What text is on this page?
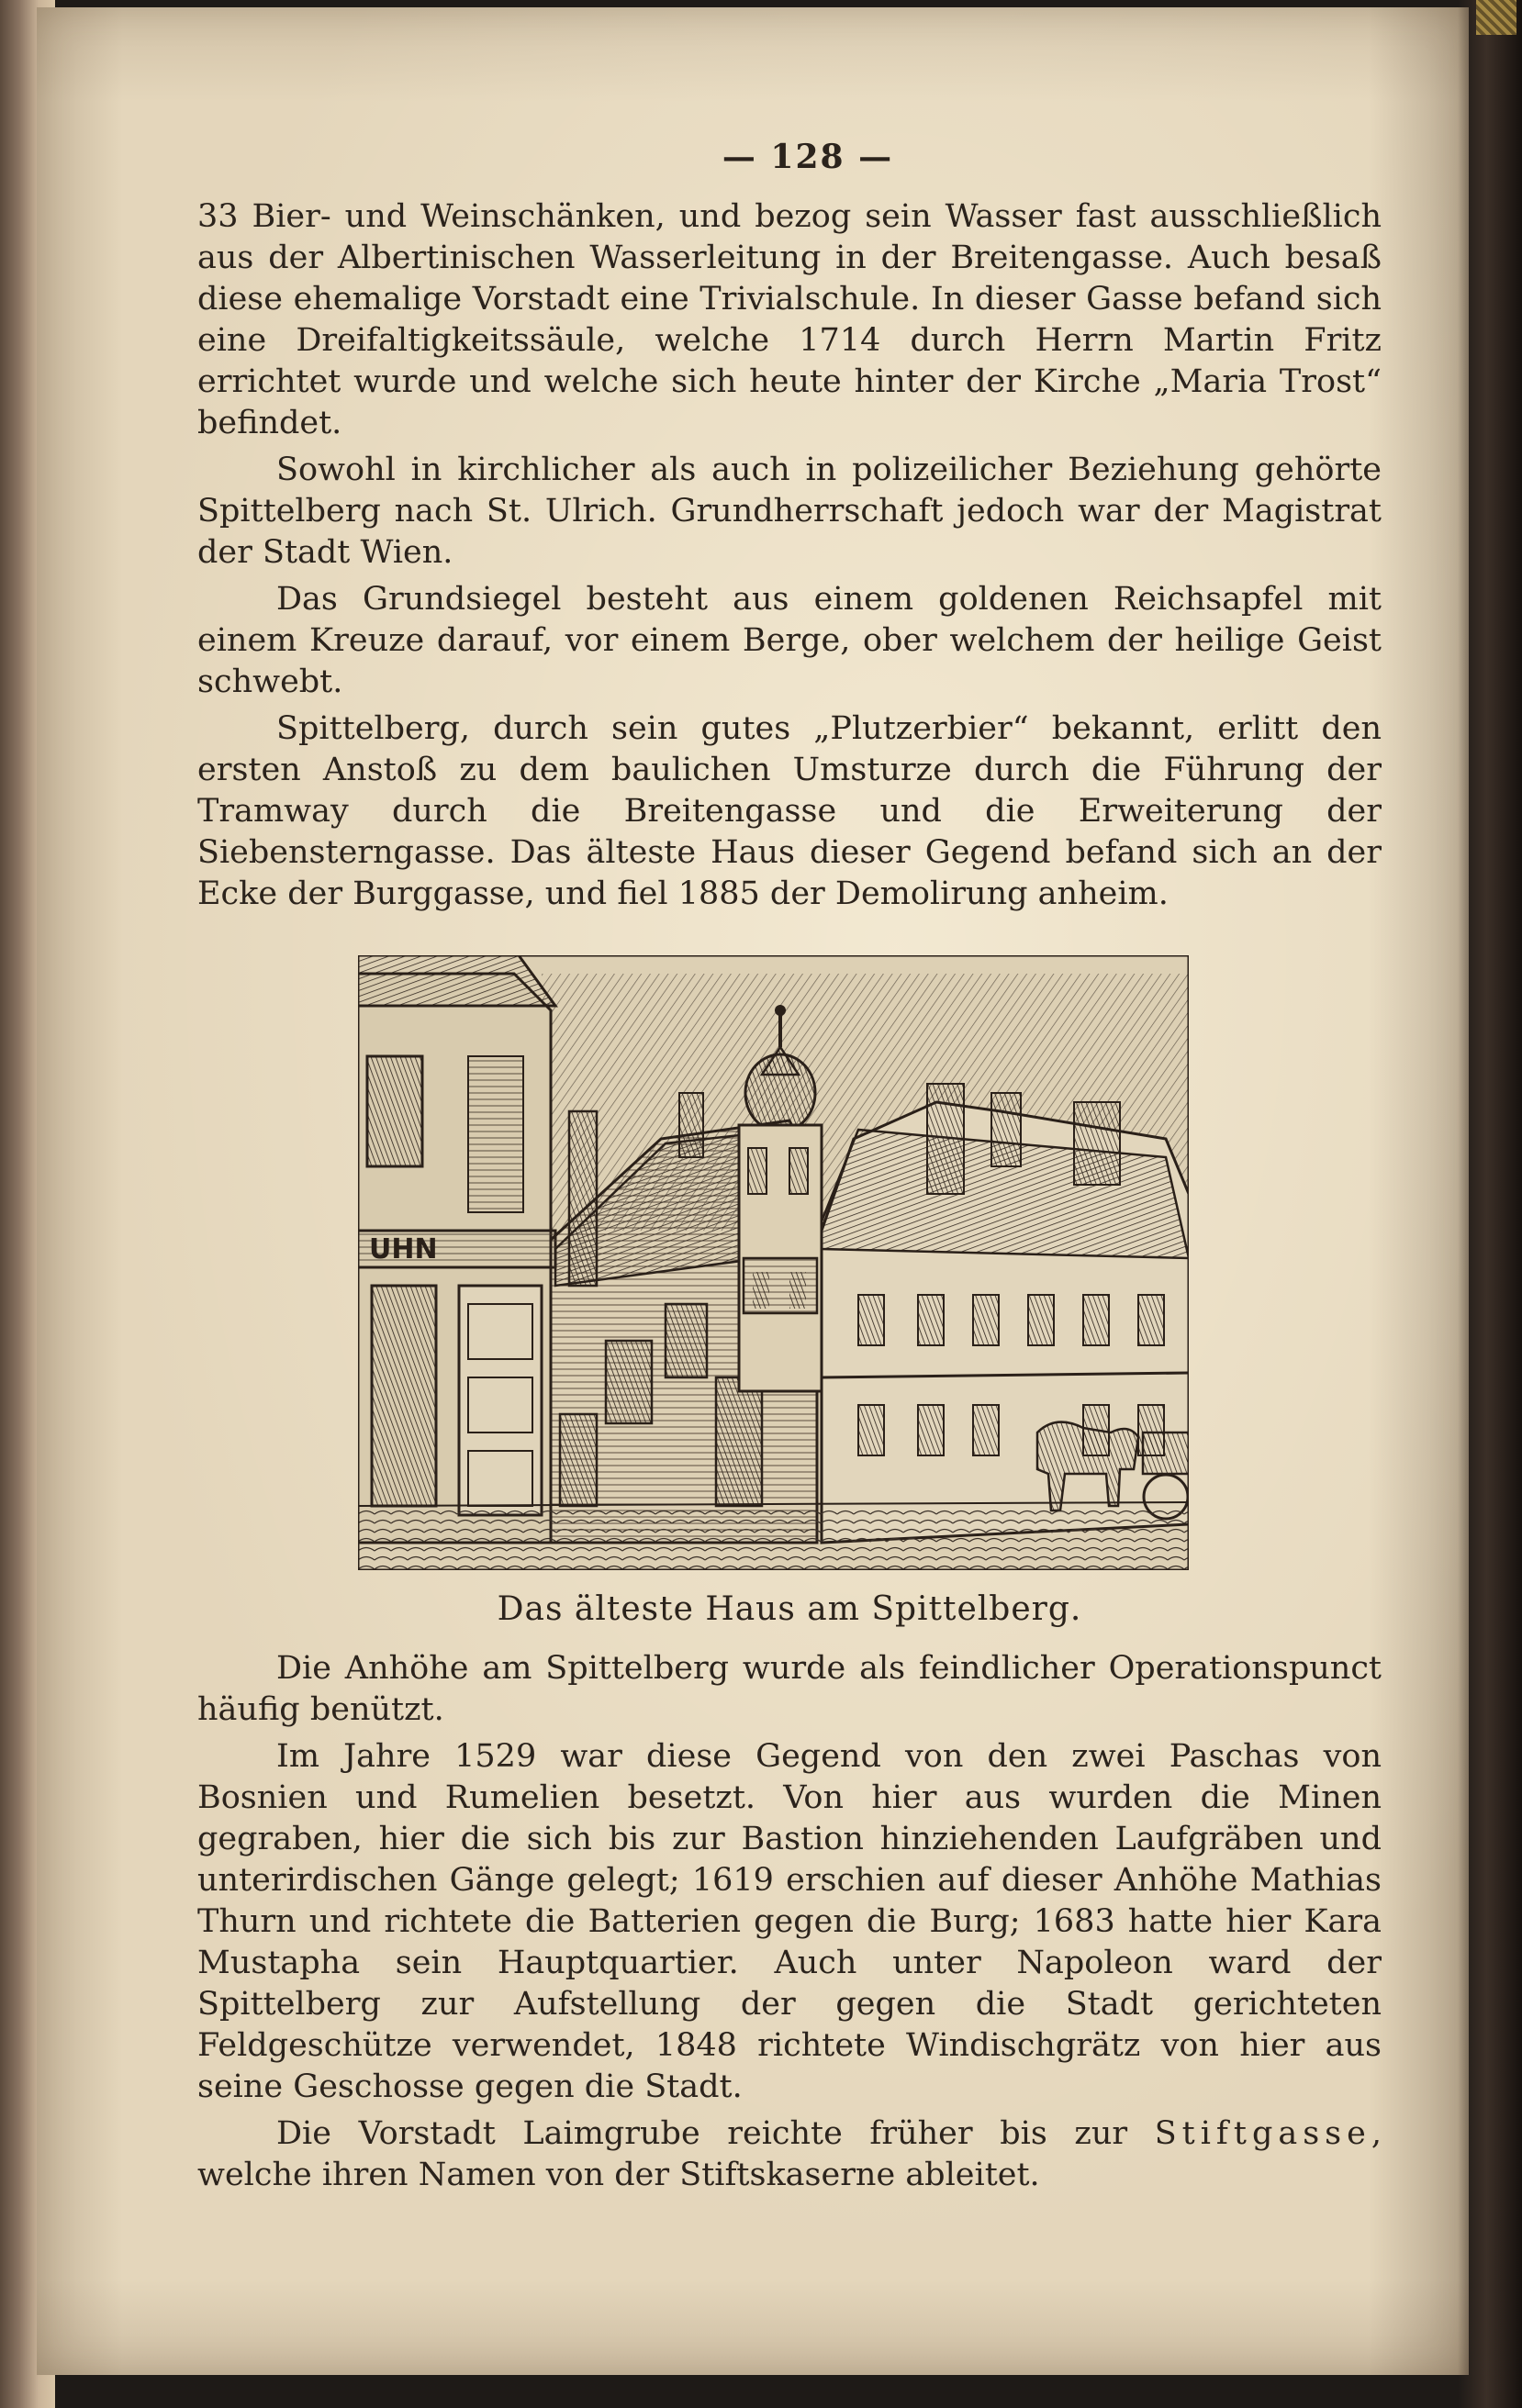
— 128 —

33 Bier- und Weinschänken, und bezog sein Wasser fast ausschließlich aus der Albertinischen Wasserleitung in der Breitengasse. Auch besaß diese ehemalige Vorstadt eine Trivialschule. In dieser Gasse befand sich eine Dreifaltigkeitssäule, welche 1714 durch Herrn Martin Fritz errichtet wurde und welche sich heute hinter der Kirche „Maria Trost“ befindet.

Sowohl in kirchlicher als auch in polizeilicher Beziehung gehörte Spittelberg nach St. Ulrich. Grundherrschaft jedoch war der Magistrat der Stadt Wien.

Das Grundsiegel besteht aus einem goldenen Reichsapfel mit einem Kreuze darauf, vor einem Berge, ober welchem der heilige Geist schwebt.

Spittelberg, durch sein gutes „Plutzerbier“ bekannt, erlitt den ersten Anstoß zu dem baulichen Umsturze durch die Führung der Tramway durch die Breitengasse und die Erweiterung der Siebensterngasse. Das älteste Haus dieser Gegend befand sich an der Ecke der Burggasse, und fiel 1885 der Demolirung anheim.

UHN
Das älteste Haus am Spittelberg.

Die Anhöhe am Spittelberg wurde als feindlicher Operationspunct häufig benützt.

Im Jahre 1529 war diese Gegend von den zwei Paschas von Bosnien und Rumelien besetzt. Von hier aus wurden die Minen gegraben, hier die sich bis zur Bastion hinziehenden Laufgräben und unterirdischen Gänge gelegt; 1619 erschien auf dieser Anhöhe Mathias Thurn und richtete die Batterien gegen die Burg; 1683 hatte hier Kara Mustapha sein Hauptquartier. Auch unter Napoleon ward der Spittelberg zur Aufstellung der gegen die Stadt gerichteten Feldgeschütze verwendet, 1848 richtete Windischgrätz von hier aus seine Geschosse gegen die Stadt.

Die Vorstadt Laimgrube reichte früher bis zur Stiftgasse, welche ihren Namen von der Stiftskaserne ableitet.
